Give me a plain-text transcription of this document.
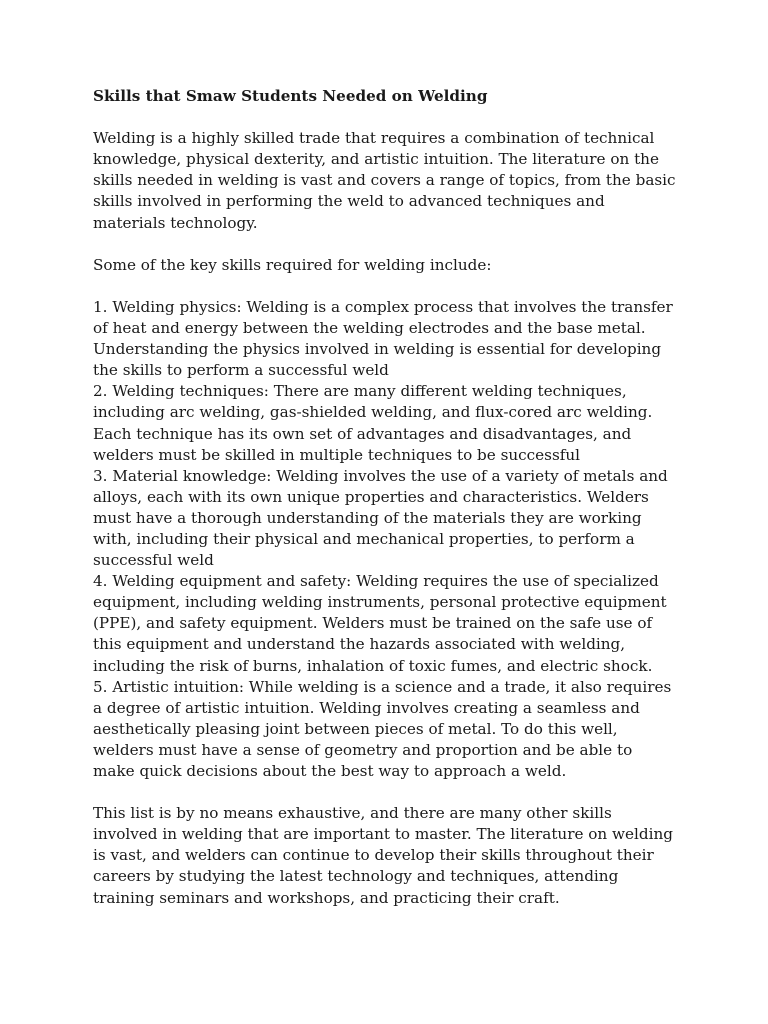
Skills that Smaw Students Needed on Welding
Welding is a highly skilled trade that requires a combination of technical knowledge, physical dexterity, and artistic intuition. The literature on the skills needed in welding is vast and covers a range of topics, from the basic skills involved in performing the weld to advanced techniques and materials technology.
Some of the key skills required for welding include:
1. Welding physics: Welding is a complex process that involves the transfer of heat and energy between the welding electrodes and the base metal. Understanding the physics involved in welding is essential for developing the skills to perform a successful weld
2. Welding techniques: There are many different welding techniques, including arc welding, gas-shielded welding, and flux-cored arc welding. Each technique has its own set of advantages and disadvantages, and welders must be skilled in multiple techniques to be successful
3. Material knowledge: Welding involves the use of a variety of metals and alloys, each with its own unique properties and characteristics. Welders must have a thorough understanding of the materials they are working with, including their physical and mechanical properties, to perform a successful weld
4. Welding equipment and safety: Welding requires the use of specialized equipment, including welding instruments, personal protective equipment (PPE), and safety equipment. Welders must be trained on the safe use of this equipment and understand the hazards associated with welding, including the risk of burns, inhalation of toxic fumes, and electric shock.
5. Artistic intuition: While welding is a science and a trade, it also requires a degree of artistic intuition. Welding involves creating a seamless and aesthetically pleasing joint between pieces of metal. To do this well, welders must have a sense of geometry and proportion and be able to make quick decisions about the best way to approach a weld.
This list is by no means exhaustive, and there are many other skills involved in welding that are important to master. The literature on welding is vast, and welders can continue to develop their skills throughout their careers by studying the latest technology and techniques, attending training seminars and workshops, and practicing their craft.
